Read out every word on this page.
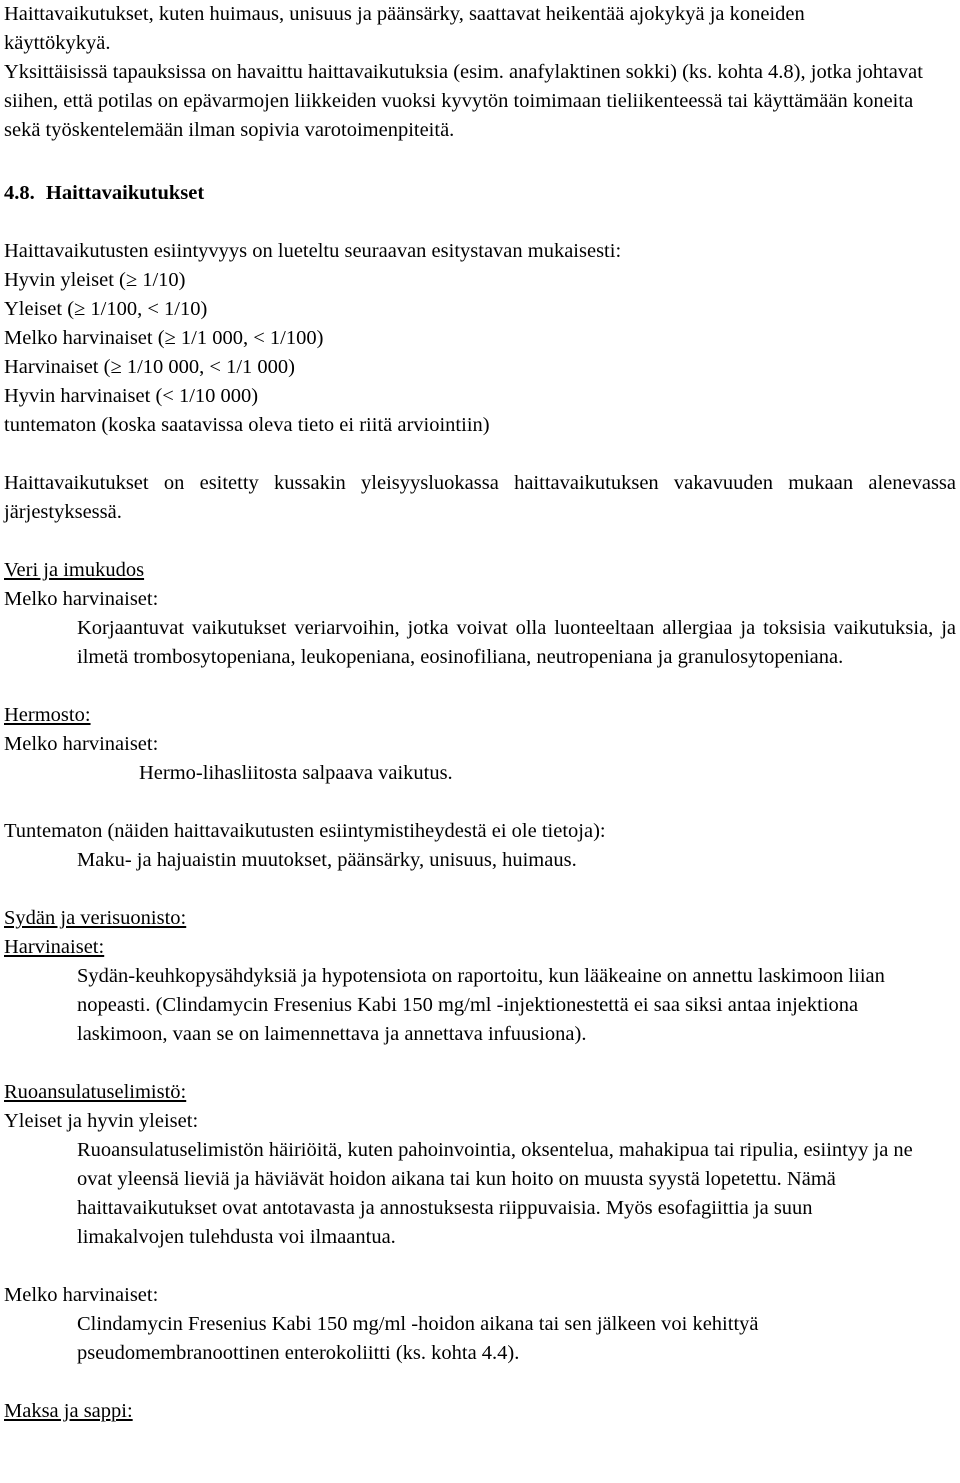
Haittavaikutukset, kuten huimaus, unisuus ja päänsärky, saattavat heikentää ajokykyä ja koneiden käyttökykyä.

Yksittäisissä tapauksissa on havaittu haittavaikutuksia (esim. anafylaktinen sokki) (ks. kohta 4.8), jotka johtavat siihen, että potilas on epävarmojen liikkeiden vuoksi kyvytön toimimaan tieliikenteessä tai käyttämään koneita sekä työskentelemään ilman sopivia varotoimenpiteitä.

4.8. Haittavaikutukset

Haittavaikutusten esiintyvyys on lueteltu seuraavan esitystavan mukaisesti:

Hyvin yleiset (≥ 1/10)
Yleiset (≥ 1/100, < 1/10)
Melko harvinaiset (≥ 1/1 000, < 1/100)
Harvinaiset (≥ 1/10 000, < 1/1 000)
Hyvin harvinaiset (< 1/10 000)
tuntematon (koska saatavissa oleva tieto ei riitä arviointiin)

Haittavaikutukset on esitetty kussakin yleisyysluokassa haittavaikutuksen vakavuuden mukaan alenevassa järjestyksessä.

Veri ja imukudos
Melko harvinaiset:

Korjaantuvat vaikutukset veriarvoihin, jotka voivat olla luonteeltaan allergiaa ja toksisia vaikutuksia, ja ilmetä trombosytopeniana, leukopeniana, eosinofiliana, neutropeniana ja granulosytopeniana.

Hermosto:
Melko harvinaiset:

Hermo-lihasliitosta salpaava vaikutus.

Tuntematon (näiden haittavaikutusten esiintymistiheydestä ei ole tietoja):

Maku- ja hajuaistin muutokset, päänsärky, unisuus, huimaus.

Sydän ja verisuonisto:
Harvinaiset:

Sydän-keuhkopysähdyksiä ja hypotensiota on raportoitu, kun lääkeaine on annettu laskimoon liian nopeasti. (Clindamycin Fresenius Kabi 150 mg/ml -injektionestettä ei saa siksi antaa injektiona laskimoon, vaan se on laimennettava ja annettava infuusiona).

Ruoansulatuselimistö:
Yleiset ja hyvin yleiset:

Ruoansulatuselimistön häiriöitä, kuten pahoinvointia, oksentelua, mahakipua tai ripulia, esiintyy ja ne ovat yleensä lieviä ja häviävät hoidon aikana tai kun hoito on muusta syystä lopetettu. Nämä haittavaikutukset ovat antotavasta ja annostuksesta riippuvaisia. Myös esofagiittia ja suun limakalvojen tulehdusta voi ilmaantua.

Melko harvinaiset:

Clindamycin Fresenius Kabi 150 mg/ml -hoidon aikana tai sen jälkeen voi kehittyä pseudomembranoottinen enterokoliitti (ks. kohta 4.4).

Maksa ja sappi:
